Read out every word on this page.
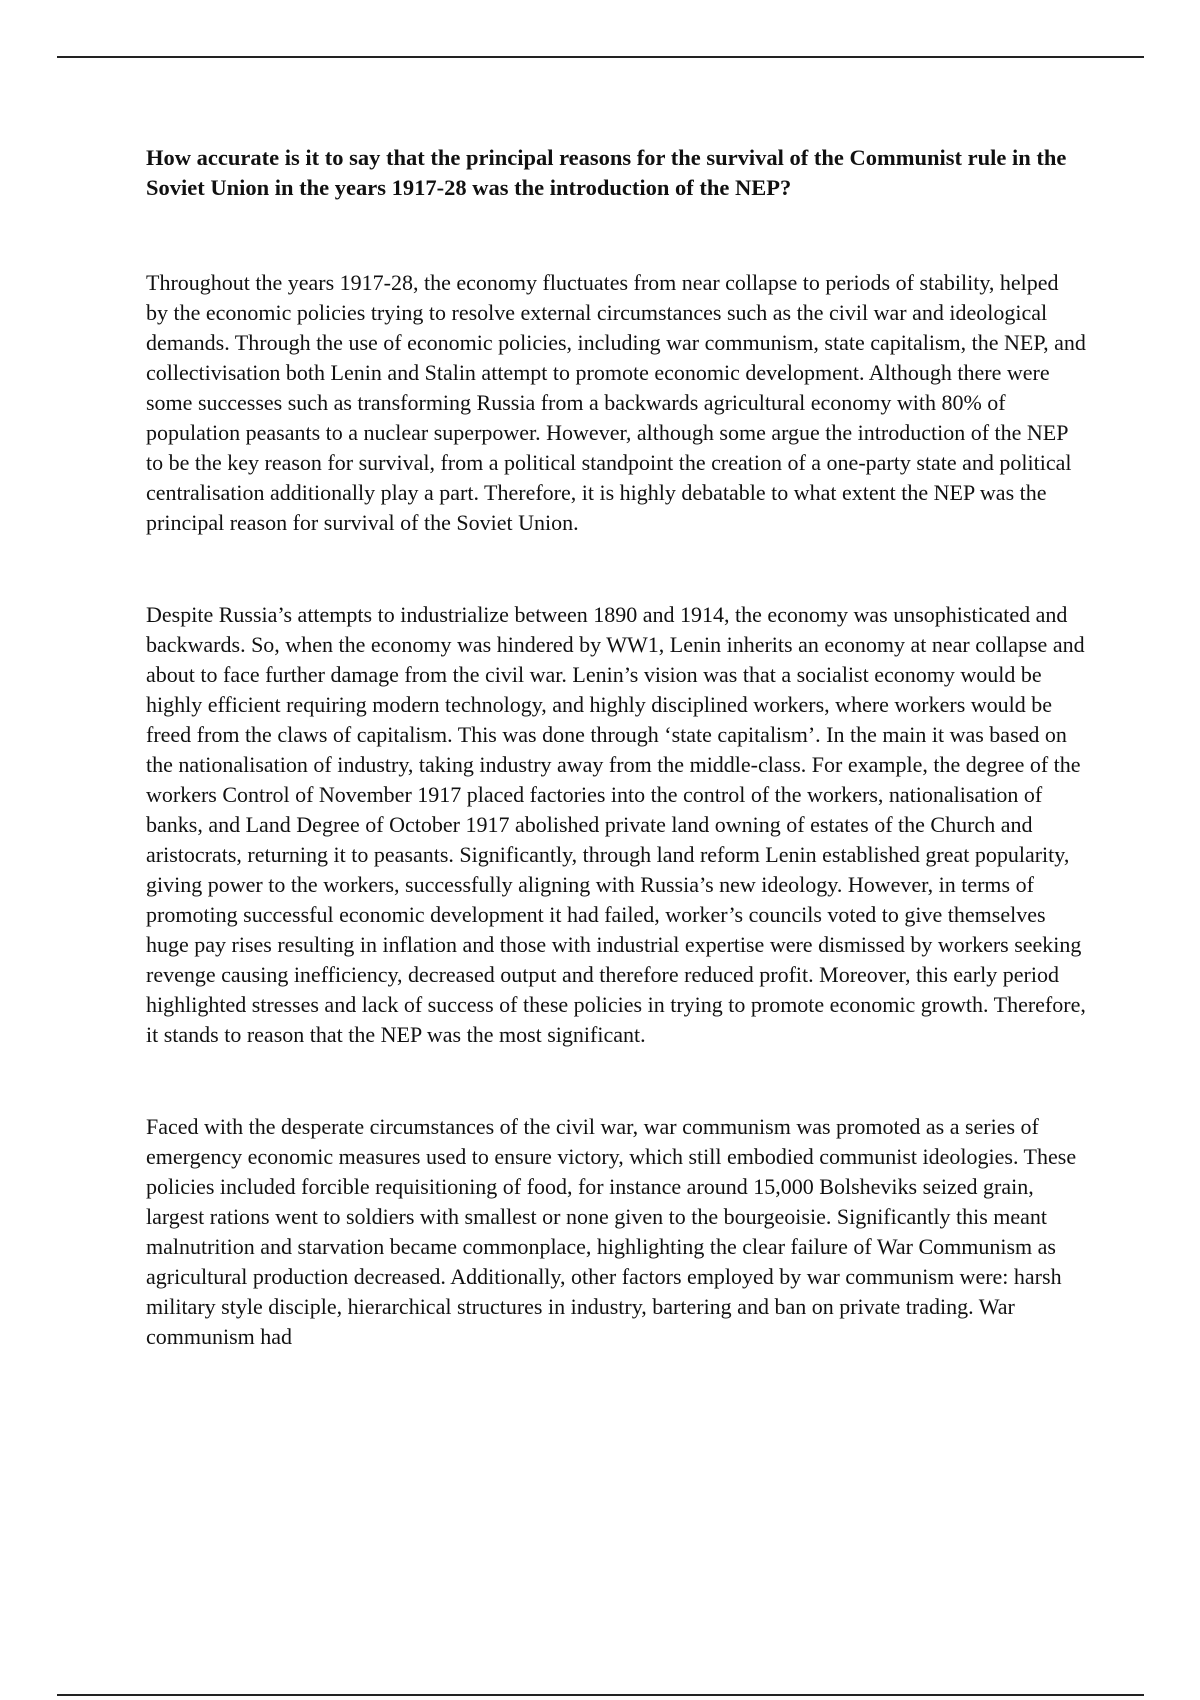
How accurate is it to say that the principal reasons for the survival of the Communist rule in the Soviet Union in the years 1917-28 was the introduction of the NEP?

Throughout the years 1917-28, the economy fluctuates from near collapse to periods of stability, helped by the economic policies trying to resolve external circumstances such as the civil war and ideological demands. Through the use of economic policies, including war communism, state capitalism, the NEP, and collectivisation both Lenin and Stalin attempt to promote economic development. Although there were some successes such as transforming Russia from a backwards agricultural economy with 80% of population peasants to a nuclear superpower. However, although some argue the introduction of the NEP to be the key reason for survival, from a political standpoint the creation of a one-party state and political centralisation additionally play a part. Therefore, it is highly debatable to what extent the NEP was the principal reason for survival of the Soviet Union.

Despite Russia’s attempts to industrialize between 1890 and 1914, the economy was unsophisticated and backwards. So, when the economy was hindered by WW1, Lenin inherits an economy at near collapse and about to face further damage from the civil war. Lenin’s vision was that a socialist economy would be highly efficient requiring modern technology, and highly disciplined workers, where workers would be freed from the claws of capitalism. This was done through ‘state capitalism’. In the main it was based on the nationalisation of industry, taking industry away from the middle-class. For example, the degree of the workers Control of November 1917 placed factories into the control of the workers, nationalisation of banks, and Land Degree of October 1917 abolished private land owning of estates of the Church and aristocrats, returning it to peasants. Significantly, through land reform Lenin established great popularity, giving power to the workers, successfully aligning with Russia’s new ideology. However, in terms of promoting successful economic development it had failed, worker’s councils voted to give themselves huge pay rises resulting in inflation and those with industrial expertise were dismissed by workers seeking revenge causing inefficiency, decreased output and therefore reduced profit. Moreover, this early period highlighted stresses and lack of success of these policies in trying to promote economic growth. Therefore, it stands to reason that the NEP was the most significant.

Faced with the desperate circumstances of the civil war, war communism was promoted as a series of emergency economic measures used to ensure victory, which still embodied communist ideologies. These policies included forcible requisitioning of food, for instance around 15,000 Bolsheviks seized grain, largest rations went to soldiers with smallest or none given to the bourgeoisie. Significantly this meant malnutrition and starvation became commonplace, highlighting the clear failure of War Communism as agricultural production decreased. Additionally, other factors employed by war communism were: harsh military style disciple, hierarchical structures in industry, bartering and ban on private trading. War communism had
